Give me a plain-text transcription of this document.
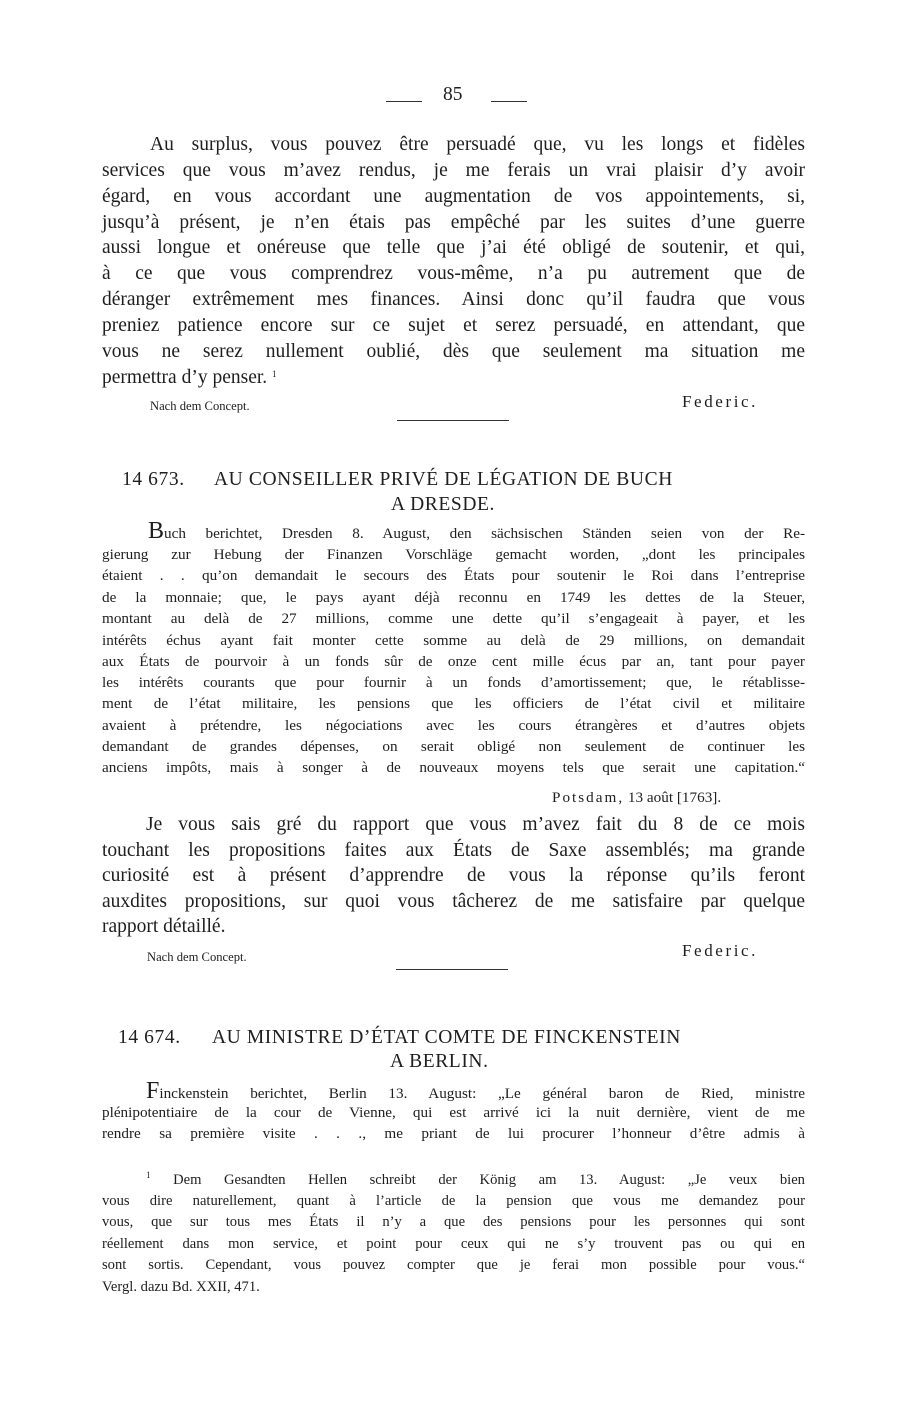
85
Au surplus, vous pouvez être persuadé que, vu les longs et fidèles
services que vous m’avez rendus, je me ferais un vrai plaisir d’y avoir
égard, en vous accordant une augmentation de vos appointements, si,
jusqu’à présent, je n’en étais pas empêché par les suites d’une guerre
aussi longue et onéreuse que telle que j’ai été obligé de soutenir, et qui,
à ce que vous comprendrez vous-même, n’a pu autrement que de
déranger extrêmement mes finances. Ainsi donc qu’il faudra que vous
preniez patience encore sur ce sujet et serez persuadé, en attendant, que
vous ne serez nullement oublié, dès que seulement ma situation me
permettra d’y penser. $^1$
Nach dem Concept.	Federic.
14 673. AU CONSEILLER PRIVÉ DE LÉGATION DE BUCH
A DRESDE.
Buch berichtet, Dresden 8. August, den sächsischen Ständen seien von der Re-
gierung zur Hebung der Finanzen Vorschläge gemacht worden, „dont les principales
étaient . . qu’on demandait le secours des États pour soutenir le Roi dans l’entreprise
de la monnaie; que, le pays ayant déjà reconnu en 1749 les dettes de la Steuer,
montant au delà de 27 millions, comme une dette qu’il s’engageait à payer, et les
intérêts échus ayant fait monter cette somme au delà de 29 millions, on demandait
aux États de pourvoir à un fonds sûr de onze cent mille écus par an, tant pour payer
les intérêts courants que pour fournir à un fonds d’amortissement; que, le rétablisse-
ment de l’état militaire, les pensions que les officiers de l’état civil et militaire
avaient à prétendre, les négociations avec les cours étrangères et d’autres objets
demandant de grandes dépenses, on serait obligé non seulement de continuer les
anciens impôts, mais à songer à de nouveaux moyens tels que serait une capitation.“
Potsdam, 13 août [1763].
Je vous sais gré du rapport que vous m’avez fait du 8 de ce mois
touchant les propositions faites aux États de Saxe assemblés; ma grande
curiosité est à présent d’apprendre de vous la réponse qu’ils feront
auxdites propositions, sur quoi vous tâcherez de me satisfaire par quelque
rapport détaillé.
Nach dem Concept.	Federic.
14 674. AU MINISTRE D’ÉTAT COMTE DE FINCKENSTEIN
A BERLIN.
Finckenstein berichtet, Berlin 13. August: „Le général baron de Ried, ministre
plénipotentiaire de la cour de Vienne, qui est arrivé ici la nuit dernière, vient de me
rendre sa première visite . . ., me priant de lui procurer l’honneur d’être admis à
$^1$ Dem Gesandten Hellen schreibt der König am 13. August: „Je veux bien
vous dire naturellement, quant à l’article de la pension que vous me demandez pour
vous, que sur tous mes États il n’y a que des pensions pour les personnes qui sont
réellement dans mon service, et point pour ceux qui ne s’y trouvent pas ou qui en
sont sortis. Cependant, vous pouvez compter que je ferai mon possible pour vous.“
Vergl. dazu Bd. XXII, 471.
